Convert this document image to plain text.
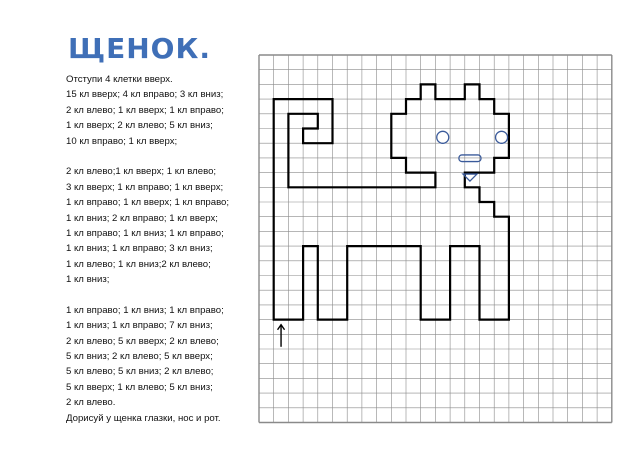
ЩЕНОК.
Отступи 4 клетки вверх.
15 кл вверх; 4 кл вправо; 3 кл вниз;
2 кл влево; 1 кл вверх; 1 кл вправо;
1 кл вверх; 2 кл влево; 5 кл вниз;
10 кл вправо; 1 кл вверх;
2 кл влево;1 кл вверх; 1 кл влево;
3 кл вверх; 1 кл вправо; 1 кл вверх;
1 кл вправо; 1 кл вверх; 1 кл вправо;
1 кл вниз; 2 кл вправо; 1 кл вверх;
1 кл вправо; 1 кл вниз; 1 кл вправо;
1 кл вниз; 1 кл вправо; 3 кл вниз;
1 кл влево; 1 кл вниз;2 кл влево;
1 кл вниз;
1 кл вправо; 1 кл вниз; 1 кл вправо;
1 кл вниз; 1 кл вправо; 7 кл вниз;
2 кл влево; 5 кл вверх; 2 кл влево;
5 кл вниз; 2 кл влево; 5 кл вверх;
5 кл влево; 5 кл вниз; 2 кл влево;
5 кл вверх; 1 кл влево; 5 кл вниз;
2 кл влево.
Дорисуй у щенка глазки, нос и рот.
